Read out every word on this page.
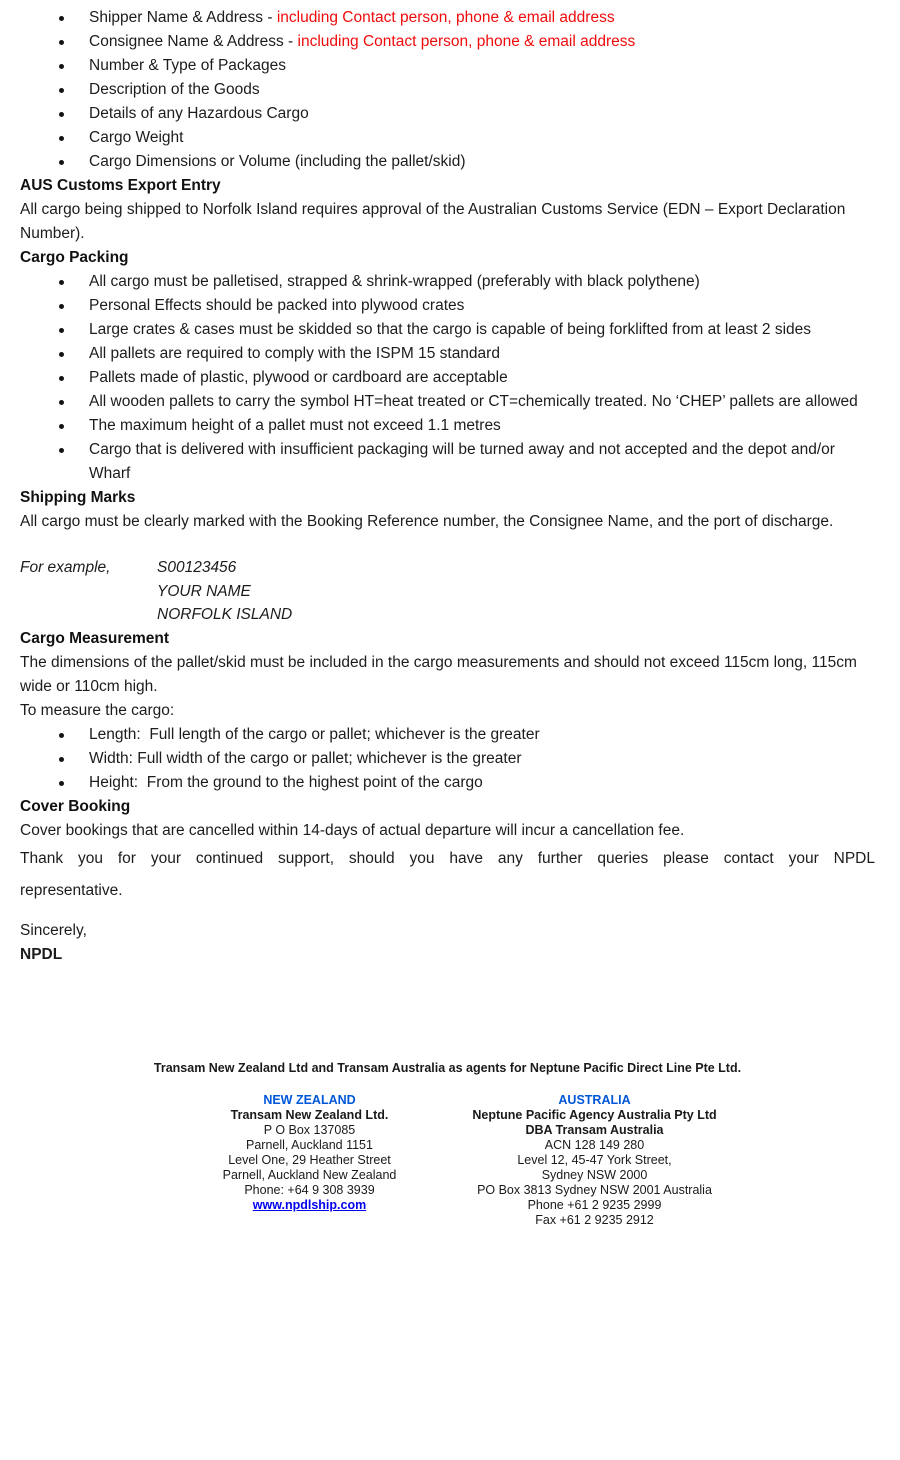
Shipper Name & Address - including Contact person, phone & email address
Consignee Name & Address - including Contact person, phone & email address
Number & Type of Packages
Description of the Goods
Details of any Hazardous Cargo
Cargo Weight
Cargo Dimensions or Volume (including the pallet/skid)
AUS Customs Export Entry

All cargo being shipped to Norfolk Island requires approval of the Australian Customs Service (EDN – Export Declaration Number).

Cargo Packing
All cargo must be palletised, strapped & shrink-wrapped (preferably with black polythene)
Personal Effects should be packed into plywood crates
Large crates & cases must be skidded so that the cargo is capable of being forklifted from at least 2 sides
All pallets are required to comply with the ISPM 15 standard
Pallets made of plastic, plywood or cardboard are acceptable
All wooden pallets to carry the symbol HT=heat treated or CT=chemically treated. No ‘CHEP’ pallets are allowed
The maximum height of a pallet must not exceed 1.1 metres
Cargo that is delivered with insufficient packaging will be turned away and not accepted and the depot and/or Wharf
Shipping Marks

All cargo must be clearly marked with the Booking Reference number, the Consignee Name, and the port of discharge.

For example,	S00123456
YOUR NAME
NORFOLK ISLAND
Cargo Measurement

The dimensions of the pallet/skid must be included in the cargo measurements and should not exceed 115cm long, 115cm wide or 110cm high.

To measure the cargo:

Length:  Full length of the cargo or pallet; whichever is the greater
Width: Full width of the cargo or pallet; whichever is the greater
Height:  From the ground to the highest point of the cargo
Cover Booking

Cover bookings that are cancelled within 14-days of actual departure will incur a cancellation fee.

Thank you for your continued support, should you have any further queries please contact your NPDL
representative.

Sincerely,
NPDL
Transam New Zealand Ltd and Transam Australia as agents for Neptune Pacific Direct Line Pte Ltd.
NEW ZEALAND
Transam New Zealand Ltd.
P O Box 137085
Parnell, Auckland 1151
Level One, 29 Heather Street
Parnell, Auckland New Zealand
Phone: +64 9 308 3939
www.npdlship.com
AUSTRALIA
Neptune Pacific Agency Australia Pty Ltd
DBA Transam Australia
ACN 128 149 280
Level 12, 45-47 York Street,
Sydney NSW 2000
PO Box 3813 Sydney NSW 2001 Australia
Phone +61 2 9235 2999
Fax +61 2 9235 2912
